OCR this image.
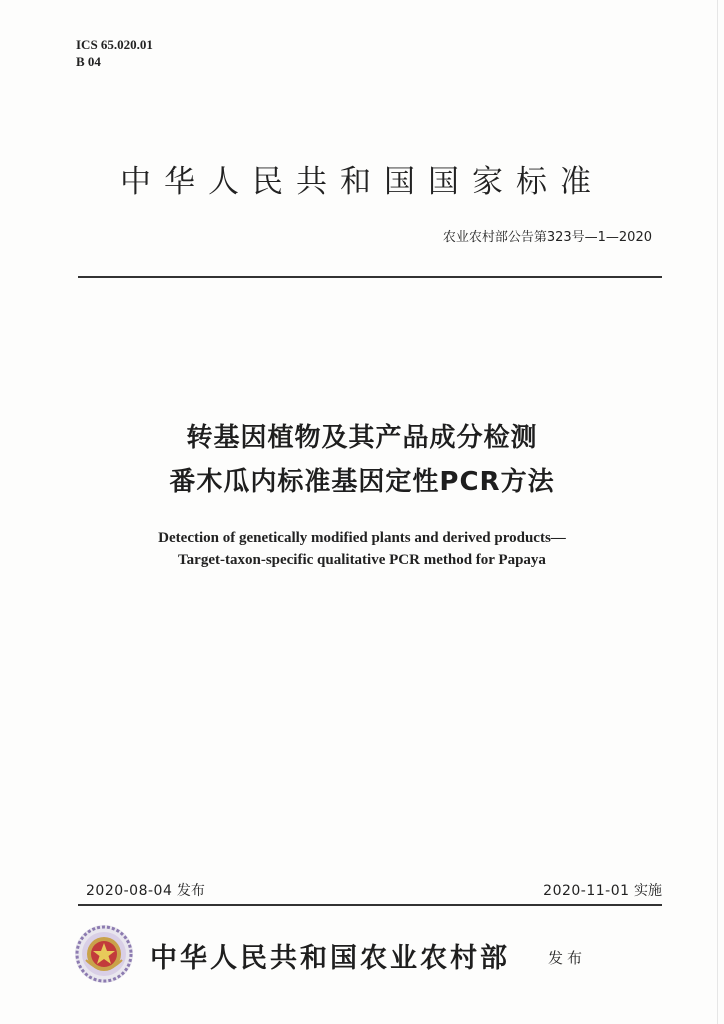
ICS 65.020.01
B 04
中华人民共和国国家标准
农业农村部公告第323号—1—2020
转基因植物及其产品成分检测
番木瓜内标准基因定性PCR方法
Detection of genetically modified plants and derived products—
Target-taxon-specific qualitative PCR method for Papaya
2020-08-04 发布	2020-11-01 实施
中华人民共和国农业农村部	发布
